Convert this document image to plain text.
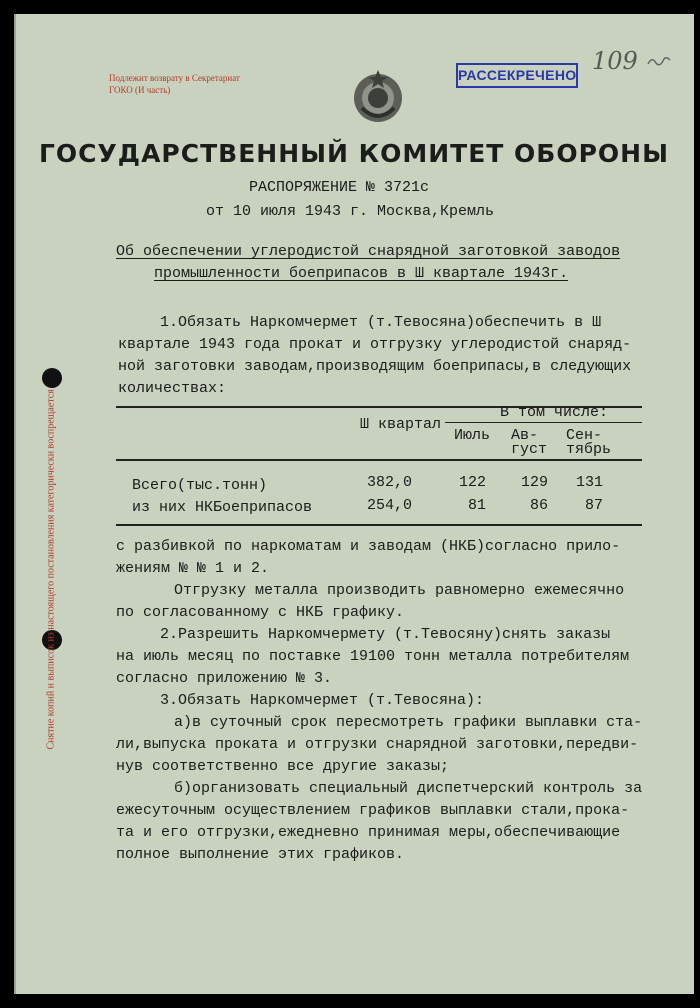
Снятие копий и выписок из настоящего постановления категорически воспрещается
Подлежит возврату в Секретариат
ГОКО (И часть)
РАССЕКРЕЧЕНО 109
ГОСУДАРСТВЕННЫЙ КОМИТЕТ ОБОРОНЫ
РАСПОРЯЖЕНИЕ № 3721с
от 10 июля 1943 г. Москва,Кремль
Об обеспечении углеродистой снарядной заготовкой заводов
промышленности боеприпасов в Ш квартале 1943г.
1.Обязать Наркомчермет (т.Тевосяна)обеспечить в Ш
квартале 1943 года прокат и отгрузку углеродистой снаряд-
ной заготовки заводам,производящим боеприпасы,в следующих
количествах:
В том числе:
Ш квартал
Июль Ав-
густ
Сен-
тябрь
Всего(тыс.тонн)	382,0	122	129	131
из них НКБоеприпасов	254,0	81	86	87
с разбивкой по наркоматам и заводам (НКБ)согласно прило-
жениям № № 1 и 2.
Отгрузку металла производить равномерно ежемесячно
по согласованному с НКБ графику.
2.Разрешить Наркомчермету (т.Тевосяну)снять заказы
на июль месяц по поставке 19100 тонн металла потребителям
согласно приложению № 3.
3.Обязать Наркомчермет (т.Тевосяна):
а)в суточный срок пересмотреть графики выплавки ста-
ли,выпуска проката и отгрузки снарядной заготовки,передви-
нув соответственно все другие заказы;
б)организовать специальный диспетчерский контроль за
ежесуточным осуществлением графиков выплавки стали,прока-
та и его отгрузки,ежедневно принимая меры,обеспечивающие
полное выполнение этих графиков.
